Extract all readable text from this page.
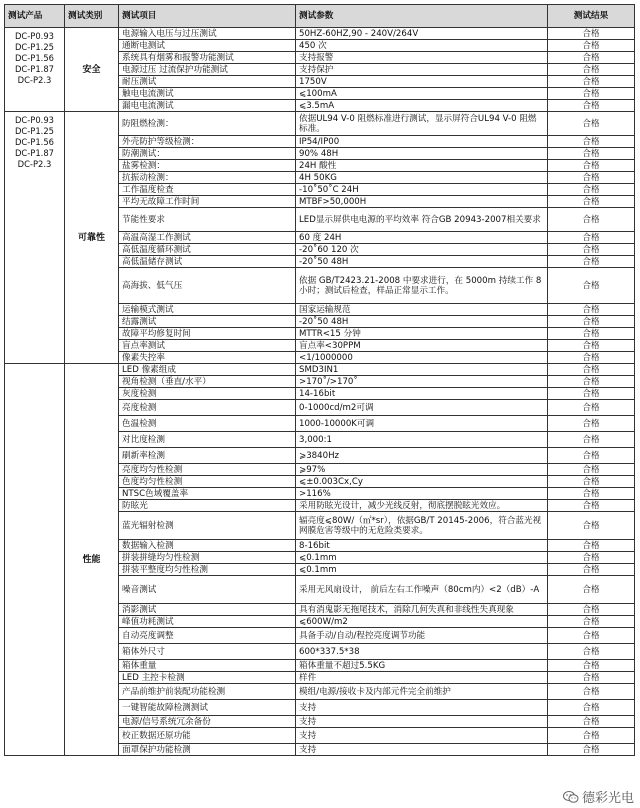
测试产品	测试类别	测试项目	测试参数	测试结果

DC-P0.93
DC-P1.25
DC-P1.56
DC-P1.87
DC-P2.3	安全	电源输入电压与过压测试	50HZ-60HZ,90 - 240V/264V	合格
		通断电测试	450 次	合格
		系统具有烟雾和报警功能测试	支持报警	合格
		电源过压 过流保护功能测试	支持保护	合格
		耐压测试	1750V	合格
		触电电流测试	⩽100mA	合格
		漏电电流测试	⩽3.5mA	合格

DC-P0.93
DC-P1.25
DC-P1.56
DC-P1.87
DC-P2.3	可靠性	防阻燃检测：	依据UL94 V-0 阻燃标准进行测试，显示屏符合UL94 V-0 阻燃标准。	合格
		外壳防护等级检测：	IP54/IP00	合格
		防潮测试：	90% 48H	合格
		盐雾检测：	24H 酸性	合格
		抗振动检测：	4H 50KG	合格
		工作温度检查	-10˚50˚C 24H	合格
		平均无故障工作时间	MTBF>50,000H	合格
		节能性要求	LED显示屏供电电源的平均效率 符合GB 20943-2007相关要求	合格
		高温高湿工作测试	60 度 24H	合格
		高低温度循环测试	-20˚60 120 次	合格
		高低温储存测试	-20˚50 48H	合格
		高海拔、低气压	依据 GB/T2423.21-2008 中要求进行，在 5000m 持续工作 8 小时；测试后检查，样品正常显示工作。	合格
		运输模式测试	国家运输规范	合格
		结露测试	-20˚50 48H	合格
		故障平均修复时间	MTTR<15 分钟	合格
		盲点率测试	盲点率<30PPM	合格
		像素失控率	<1/1000000	合格
	性能	LED 像素组成	SMD3IN1	合格
		视角检测（垂直/水平）	>170˚/>170˚	合格
		灰度检测	14-16bit	合格
		亮度检测	0-1000cd/m2可调	合格
		色温检测	1000-10000K可调	合格
		对比度检测	3,000:1	合格
		刷新率检测	⩾3840Hz	合格
		亮度均匀性检测	⩾97%	合格
		色度均匀性检测	⩽±0.003Cx,Cy	合格
		NTSC色域覆盖率	>116%	合格
		防眩光	采用防眩光设计，减少光线反射，彻底摆脱眩光效应。	合格
		蓝光辐射检测	辐亮度⩽80W/（㎡*sr），依据GB/T 20145-2006，符合蓝光视网膜危害等级中的无危险类要求。	合格
		数据输入检测	8-16bit	合格
		拼装拼缝均匀性检测	⩽0.1mm	合格
		拼装平整度均匀性检测	⩽0.1mm	合格
		噪音测试	采用无风扇设计， 前后左右工作噪声（80cm内）<2（dB）-A	合格
		消影测试	具有消鬼影无拖尾技术，消除几何失真和非线性失真现象	合格
		峰值功耗测试	⩽600W/m2	合格
		自动亮度调整	具备手动/自动/程控亮度调节功能	合格
		箱体外尺寸	600*337.5*38	合格
		箱体重量	箱体重量不超过5.5KG	合格
		LED 主控卡检测	样件	合格
		产品前维护前装配功能检测	模组/电源/接收卡及内部元件完全前维护	合格
		一键智能故障检测测试	支持	合格
		电源/信号系统冗余备份	支持	合格
		校正数据还原功能	支持	合格
		面罩保护功能检测	支持	合格
德彩光电
